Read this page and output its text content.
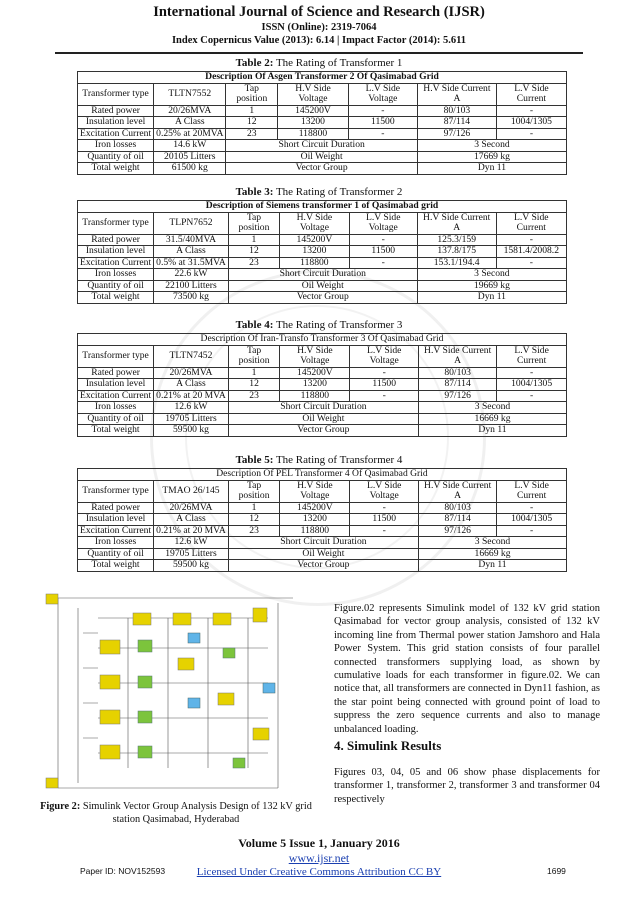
International Journal of Science and Research (IJSR)
ISSN (Online): 2319-7064
Index Copernicus Value (2013): 6.14 | Impact Factor (2014): 5.611
Table 2: The Rating of Transformer 1
Description Of Asgen Transformer 2 Of Qasimabad Grid						
Transformer type	TLTN7552	Tap position	H.V Side Voltage	L.V Side Voltage	H.V Side Current A	L.V Side Current
Rated power	20/26MVA	1	145200V	-	80/103	-
Insulation level	A Class	12	13200	11500	87/114	1004/1305
Excitation Current	0.25% at 20MVA	23	118800	-	97/126	-
Iron losses	14.6 kW	Short Circuit Duration			3 Second	
Quantity of oil	20105 Litters	Oil Weight			17669 kg	
Total weight	61500 kg	Vector Group			Dyn 11	
Table 3: The Rating of Transformer 2
Description of Siemens transformer 1 of Qasimabad grid						
Transformer type	TLPN7652	Tap position	H.V Side Voltage	L.V Side Voltage	H.V Side Current A	L.V Side Current
Rated power	31.5/40MVA	1	145200V	-	125.3/159	-
Insulation level	A Class	12	13200	11500	137.8/175	1581.4/2008.2
Excitation Current	0.5% at 31.5MVA	23	118800	-	153.1/194.4	-
Iron losses	22.6 kW	Short Circuit Duration			3 Second	
Quantity of oil	22100 Litters	Oil Weight			19669 kg	
Total weight	73500 kg	Vector Group			Dyn 11	
Table 4: The Rating of Transformer 3
Description Of Iran-Transfo Transformer 3 Of Qasimabad Grid						
Transformer type	TLTN7452	Tap position	H.V Side Voltage	L.V Side Voltage	H.V Side Current A	L.V Side Current
Rated power	20/26MVA	1	145200V	-	80/103	-
Insulation level	A Class	12	13200	11500	87/114	1004/1305
Excitation Current	0.21% at 20 MVA	23	118800	-	97/126	-
Iron losses	12.6 kW	Short Circuit Duration			3 Second	
Quantity of oil	19705 Litters	Oil Weight			16669 kg	
Total weight	59500 kg	Vector Group			Dyn 11	
Table 5: The Rating of Transformer 4
Description Of PEL Transformer 4 Of Qasimabad Grid						
Transformer type	TMAO 26/145	Tap position	H.V Side Voltage	L.V Side Voltage	H.V Side Current A	L.V Side Current
Rated power	20/26MVA	1	145200V	-	80/103	-
Insulation level	A Class	12	13200	11500	87/114	1004/1305
Excitation Current	0.21% at 20 MVA	23	118800	-	97/126	-
Iron losses	12.6 kW	Short Circuit Duration			3 Second	
Quantity of oil	19705 Litters	Oil Weight			16669 kg	
Total weight	59500 kg	Vector Group			Dyn 11	
Figure 2: Simulink Vector Group Analysis Design of 132 kV grid station Qasimabad, Hyderabad
Figure.02 represents Simulink model of 132 kV grid station Qasimabad for vector group analysis, consisted of 132 kV incoming line from Thermal power station Jamshoro and Hala Power System. This grid station consists of four parallel connected transformers supplying load, as shown by cumulative loads for each transformer in figure.02. We can notice that, all transformers are connected in Dyn11 fashion, as the star point being connected with ground point of load to suppress the zero sequence currents and also to manage unbalanced loading.
4. Simulink Results
Figures 03, 04, 05 and 06 show phase displacements for transformer 1, transformer 2, transformer 3 and transformer 04 respectively
Volume 5 Issue 1, January 2016
www.ijsr.net
Licensed Under Creative Commons Attribution CC BY
Paper ID: NOV152593	1699
